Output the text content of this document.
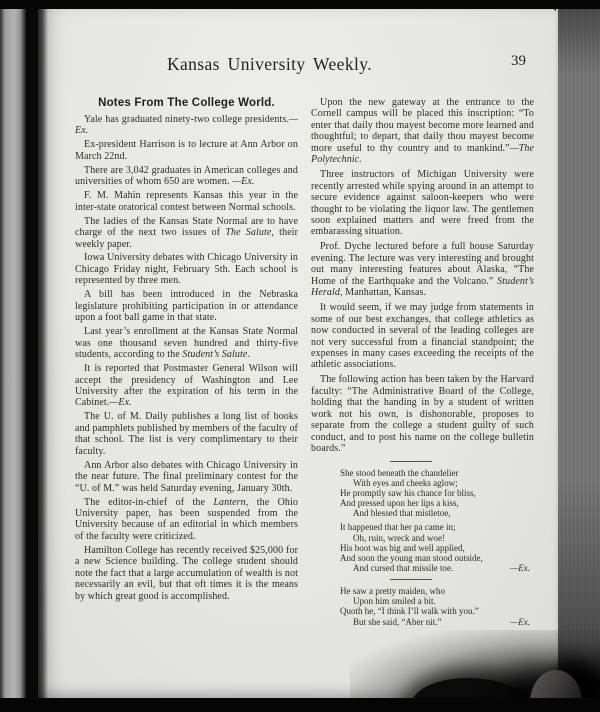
Kansas University Weekly.	39
Notes From The College World.

Yale has graduated ninety-two college presidents.—Ex.

Ex-president Harrison is to lecture at Ann Arbor on March 22nd.

There are 3,042 graduates in American colleges and universities of whom 650 are women. —Ex.

F. M. Mahin represents Kansas this year in the inter-state oratorical contest between Normal schools.

The ladies of the Kansas State Normal are to have charge of the next two issues of The Salute, their weekly paper.

Iowa University debates with Chicago University in Chicago Friday night, February 5th. Each school is represented by three men.

A bill has been introduced in the Nebraska legislature prohibiting participation in or attendance upon a foot ball game in that state.

Last year’s enrollment at the Kansas State Normal was one thousand seven hundred and thirty-five students, according to the Student’s Salute.

It is reported that Postmaster General Wilson will accept the presidency of Washington and Lee University after the expiration of his term in the Cabinet.—Ex.

The U. of M. Daily publishes a long list of books and pamphlets published by members of the faculty of that school. The list is very complimentary to their faculty.

Ann Arbor also debates with Chicago University in the near future. The final preliminary contest for the “U. of M.” was held Saturday evening, January 30th.

The editor-in-chief of the Lantern, the Ohio University paper, has been suspended from the University because of an editorial in which members of the faculty were criticized.

Hamilton College has recently received $25,000 for a new Science building. The college student should note the fact that a large accumulation of wealth is not necessarily an evil, but that oft times it is the means by which great good is accomplished.

Upon the new gateway at the entrance to the Cornell campus will be placed this inscription: “To enter that daily thou mayest become more learned and thoughtful; to depart, that daily thou mayest become more useful to thy country and to mankind.”—The Polytechnic.

Three instructors of Michigan University were recently arrested while spying around in an attempt to secure evidence against saloon-keepers who were thought to be violating the liquor law. The gentlemen soon explained matters and were freed from the embarassing situation.

Prof. Dyche lectured before a full house Saturday evening. The lecture was very interesting and brought out many interesting features about Alaska, “The Home of the Earthquake and the Volcano.” Student’s Herald, Manhattan, Kansas.

It would seem, if we may judge from statements in some of our best exchanges, that college athletics as now conducted in several of the leading colleges are not very successful from a financial standpoint; the expenses in many cases exceeding the receipts of the athletic associations.

The following action has been taken by the Harvard faculty: “The Administrative Board of the College, holding that the handing in by a student of written work not his own, is dishonorable, proposes to separate from the college a student guilty of such conduct, and to post his name on the college bulletin boards.”

She stood beneath the chandelier
With eyes and cheeks aglow;
He promptly saw his chance for bliss,
And pressed upon her lips a kiss,
And blessed that mistletoe,
It happened that her pa came in;
Oh, ruin, wreck and woe!
His boot was big and well applied,
And soon the young man stood outside,
And cursed that missile toe.	—Ex.
He saw a pretty maiden, who
Upon him smiled a bit.
Quoth he, “I think I’ll walk with you.”
But she said, “Aber nit.”	—Ex.
